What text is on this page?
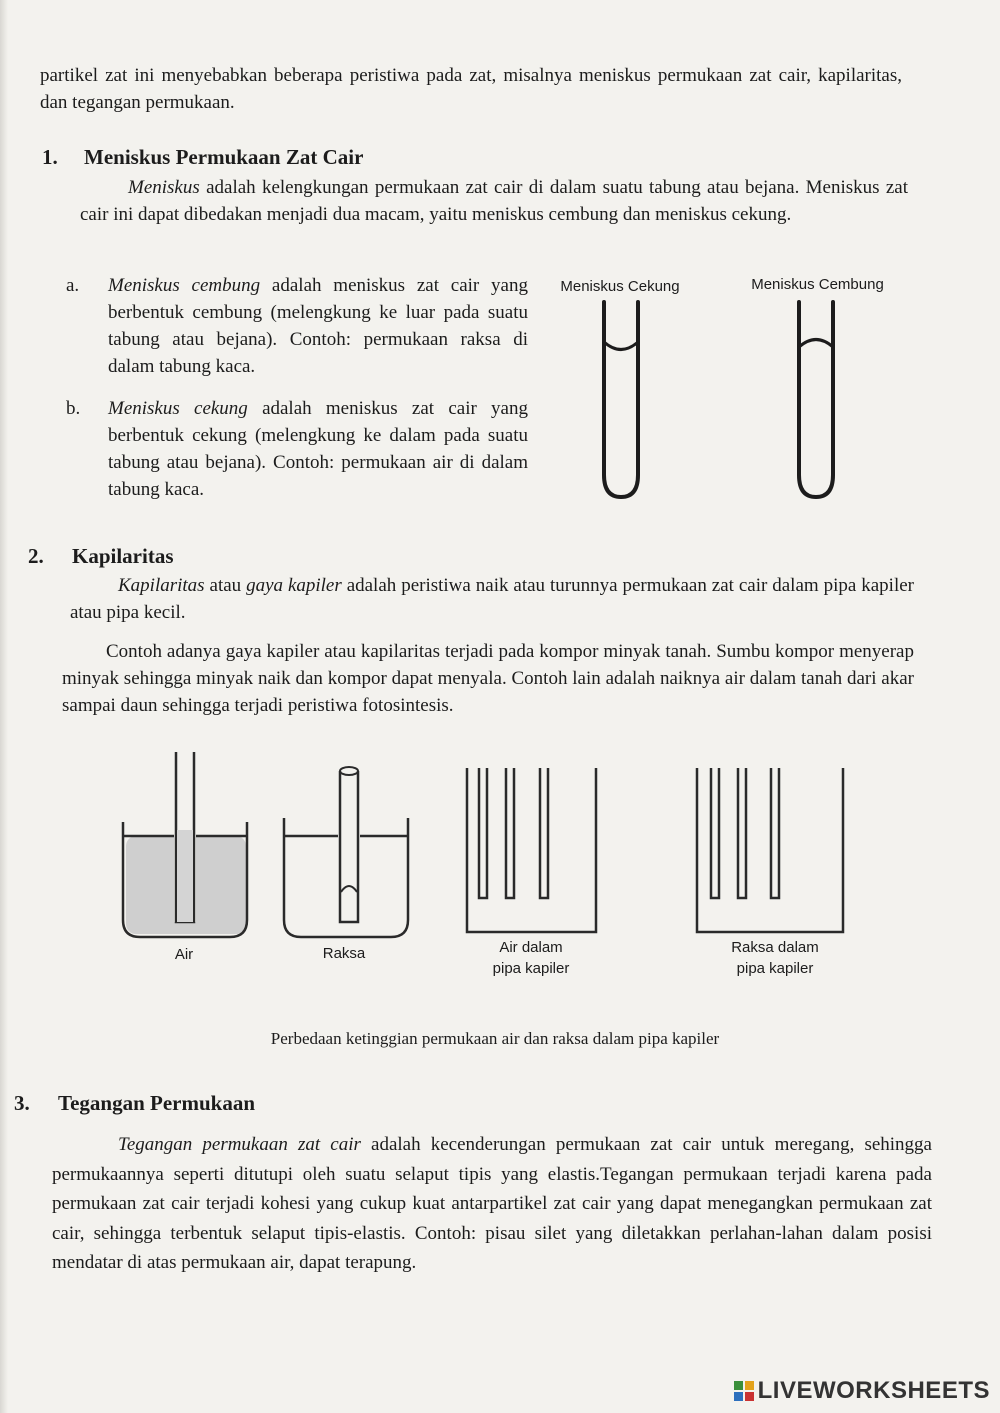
partikel zat ini menyebabkan beberapa peristiwa pada zat, misalnya meniskus permukaan zat cair, kapilaritas, dan tegangan permukaan.

1. Meniskus Permukaan Zat Cair

Meniskus adalah kelengkungan permukaan zat cair di dalam suatu tabung atau bejana. Meniskus zat cair ini dapat dibedakan menjadi dua macam, yaitu meniskus cembung dan meniskus cekung.

a. Meniskus cembung adalah meniskus zat cair yang berbentuk cembung (melengkung ke luar pada suatu tabung atau bejana). Contoh: permukaan raksa di dalam tabung kaca.
b. Meniskus cekung adalah meniskus zat cair yang berbentuk cekung (melengkung ke dalam pada suatu tabung atau bejana). Contoh: permukaan air di dalam tabung kaca.
Meniskus Cekung	Meniskus Cembung
2. Kapilaritas

Kapilaritas atau gaya kapiler adalah peristiwa naik atau turunnya permukaan zat cair dalam pipa kapiler atau pipa kecil.

Contoh adanya gaya kapiler atau kapilaritas terjadi pada kompor minyak tanah. Sumbu kompor menyerap minyak sehingga minyak naik dan kompor dapat menyala. Contoh lain adalah naiknya air dalam tanah dari akar sampai daun sehingga terjadi peristiwa fotosintesis.

Air	Raksa	Air dalam
pipa kapiler
Raksa dalam
pipa kapiler
Perbedaan ketinggian permukaan air dan raksa dalam pipa kapiler
3. Tegangan Permukaan

Tegangan permukaan zat cair adalah kecenderungan permukaan zat cair untuk meregang, sehingga permukaannya seperti ditutupi oleh suatu selaput tipis yang elastis.Tegangan permukaan terjadi karena pada permukaan zat cair terjadi kohesi yang cukup kuat antarpartikel zat cair yang dapat menegangkan permukaan zat cair, sehingga terbentuk selaput tipis-elastis. Contoh: pisau silet yang diletakkan perlahan-lahan dalam posisi mendatar di atas permukaan air, dapat terapung.

LIVEWORKSHEETS
